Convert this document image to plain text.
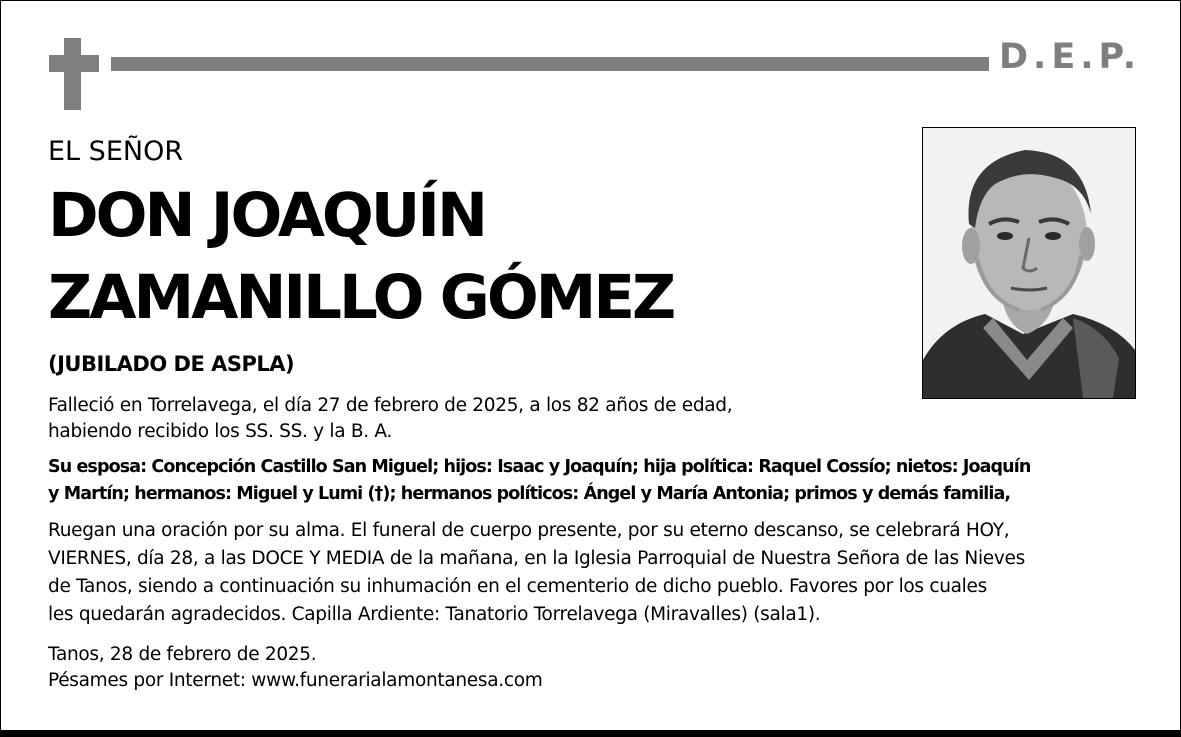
D.E.P.
EL SEÑOR
DON JOAQUÍN
ZAMANILLO GÓMEZ
(JUBILADO DE ASPLA)
Falleció en Torrelavega, el día 27 de febrero de 2025, a los 82 años de edad,
habiendo recibido los SS. SS. y la B. A.
Su esposa: Concepción Castillo San Miguel; hijos: Isaac y Joaquín; hija política: Raquel Cossío; nietos: Joaquín
y Martín; hermanos: Miguel y Lumi (†); hermanos políticos: Ángel y María Antonia; primos y demás familia,
Ruegan una oración por su alma. El funeral de cuerpo presente, por su eterno descanso, se celebrará HOY,
VIERNES, día 28, a las DOCE Y MEDIA de la mañana, en la Iglesia Parroquial de Nuestra Señora de las Nieves
de Tanos, siendo a continuación su inhumación en el cementerio de dicho pueblo. Favores por los cuales
les quedarán agradecidos. Capilla Ardiente: Tanatorio Torrelavega (Miravalles) (sala1).
Tanos, 28 de febrero de 2025.
Pésames por Internet: www.funerarialamontanesa.com
